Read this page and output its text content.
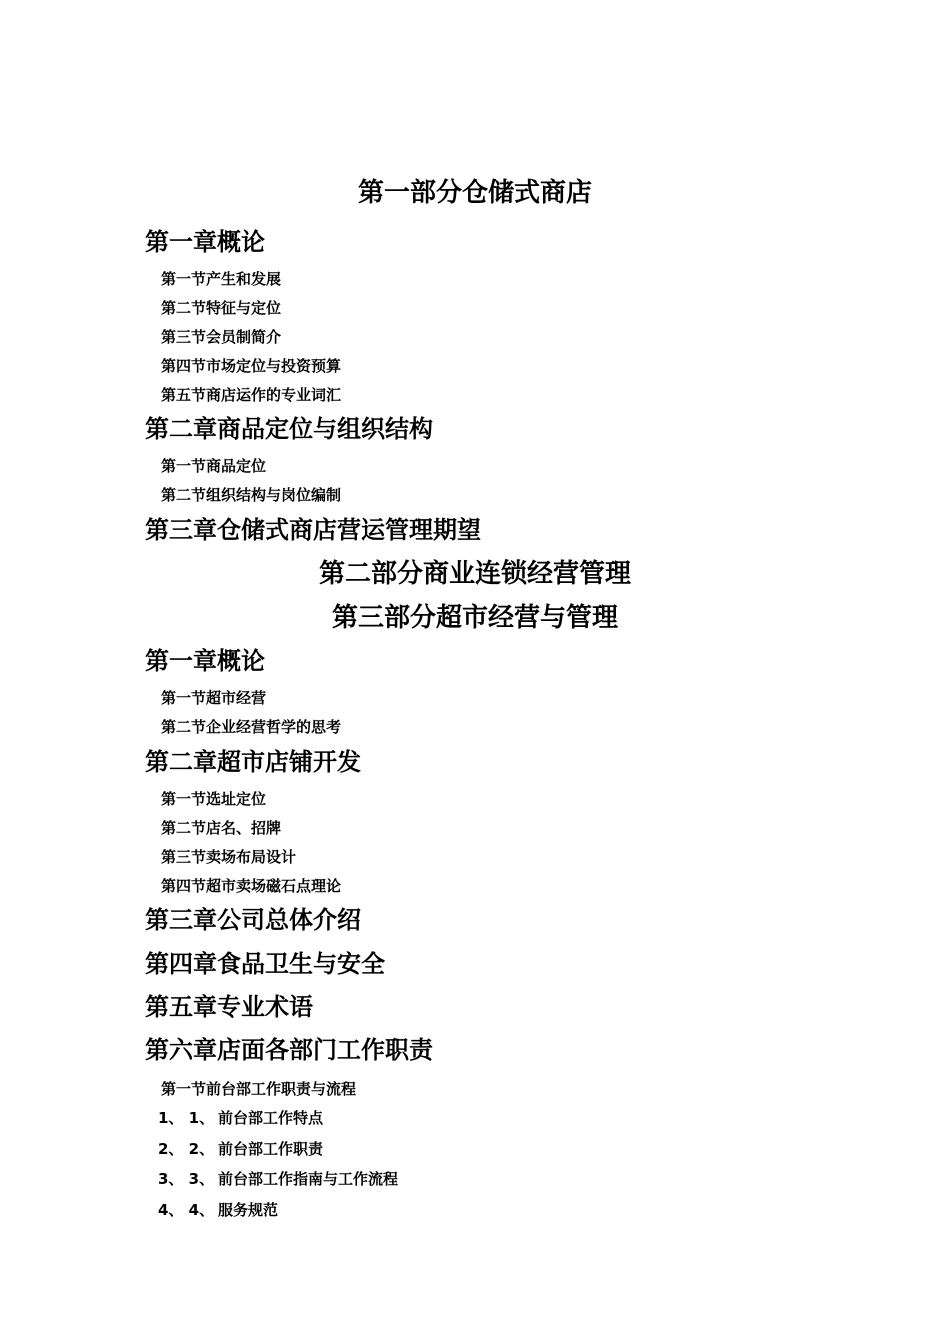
第一部分仓储式商店
第一章概论
第一节产生和发展
第二节特征与定位
第三节会员制简介
第四节市场定位与投资预算
第五节商店运作的专业词汇
第二章商品定位与组织结构
第一节商品定位
第二节组织结构与岗位编制
第三章仓储式商店营运管理期望
第二部分商业连锁经营管理
第三部分超市经营与管理
第一章概论
第一节超市经营
第二节企业经营哲学的思考
第二章超市店铺开发
第一节选址定位
第二节店名、招牌
第三节卖场布局设计
第四节超市卖场磁石点理论
第三章公司总体介绍
第四章食品卫生与安全
第五章专业术语
第六章店面各部门工作职责
第一节前台部工作职责与流程
1、 1、 前台部工作特点
2、 2、 前台部工作职责
3、 3、 前台部工作指南与工作流程
4、 4、 服务规范
